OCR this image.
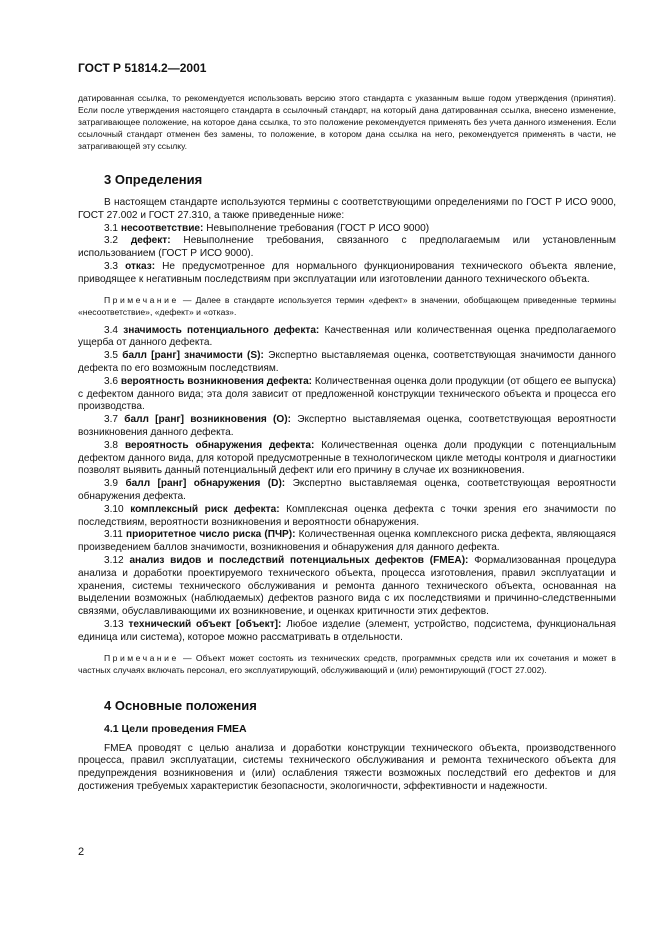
ГОСТ Р 51814.2—2001

датированная ссылка, то рекомендуется использовать версию этого стандарта с указанным выше годом утверждения (принятия). Если после утверждения настоящего стандарта в ссылочный стандарт, на который дана датированная ссылка, внесено изменение, затрагивающее положение, на которое дана ссылка, то это положение рекомендуется применять без учета данного изменения. Если ссылочный стандарт отменен без замены, то положение, в котором дана ссылка на него, рекомендуется применять в части, не затрагивающей эту ссылку.

3 Определения

В настоящем стандарте используются термины с соответствующими определениями по ГОСТ Р ИСО 9000, ГОСТ 27.002 и ГОСТ 27.310, а также приведенные ниже:

3.1 несоответствие: Невыполнение требования (ГОСТ Р ИСО 9000)

3.2 дефект: Невыполнение требования, связанного с предполагаемым или установленным использованием (ГОСТ Р ИСО 9000).

3.3 отказ: Не предусмотренное для нормального функционирования технического объекта явление, приводящее к негативным последствиям при эксплуатации или изготовлении данного технического объекта.

Примечание — Далее в стандарте используется термин «дефект» в значении, обобщающем приведенные термины «несоответствие», «дефект» и «отказ».

3.4 значимость потенциального дефекта: Качественная или количественная оценка предполагаемого ущерба от данного дефекта.

3.5 балл [ранг] значимости (S): Экспертно выставляемая оценка, соответствующая значимости данного дефекта по его возможным последствиям.

3.6 вероятность возникновения дефекта: Количественная оценка доли продукции (от общего ее выпуска) с дефектом данного вида; эта доля зависит от предложенной конструкции технического объекта и процесса его производства.

3.7 балл [ранг] возникновения (О): Экспертно выставляемая оценка, соответствующая вероятности возникновения данного дефекта.

3.8 вероятность обнаружения дефекта: Количественная оценка доли продукции с потенциальным дефектом данного вида, для которой предусмотренные в технологическом цикле методы контроля и диагностики позволят выявить данный потенциальный дефект или его причину в случае их возникновения.

3.9 балл [ранг] обнаружения (D): Экспертно выставляемая оценка, соответствующая вероятности обнаружения дефекта.

3.10 комплексный риск дефекта: Комплексная оценка дефекта с точки зрения его значимости по последствиям, вероятности возникновения и вероятности обнаружения.

3.11 приоритетное число риска (ПЧР): Количественная оценка комплексного риска дефекта, являющаяся произведением баллов значимости, возникновения и обнаружения для данного дефекта.

3.12 анализ видов и последствий потенциальных дефектов (FMEA): Формализованная процедура анализа и доработки проектируемого технического объекта, процесса изготовления, правил эксплуатации и хранения, системы технического обслуживания и ремонта данного технического объекта, основанная на выделении возможных (наблюдаемых) дефектов разного вида с их последствиями и причинно-следственными связями, обуславливающими их возникновение, и оценках критичности этих дефектов.

3.13 технический объект [объект]: Любое изделие (элемент, устройство, подсистема, функциональная единица или система), которое можно рассматривать в отдельности.

Примечание — Объект может состоять из технических средств, программных средств или их сочетания и может в частных случаях включать персонал, его эксплуатирующий, обслуживающий и (или) ремонтирующий (ГОСТ 27.002).

4 Основные положения
4.1 Цели проведения FMEA

FMEA проводят с целью анализа и доработки конструкции технического объекта, производственного процесса, правил эксплуатации, системы технического обслуживания и ремонта технического объекта для предупреждения возникновения и (или) ослабления тяжести возможных последствий его дефектов и для достижения требуемых характеристик безопасности, экологичности, эффективности и надежности.

2
